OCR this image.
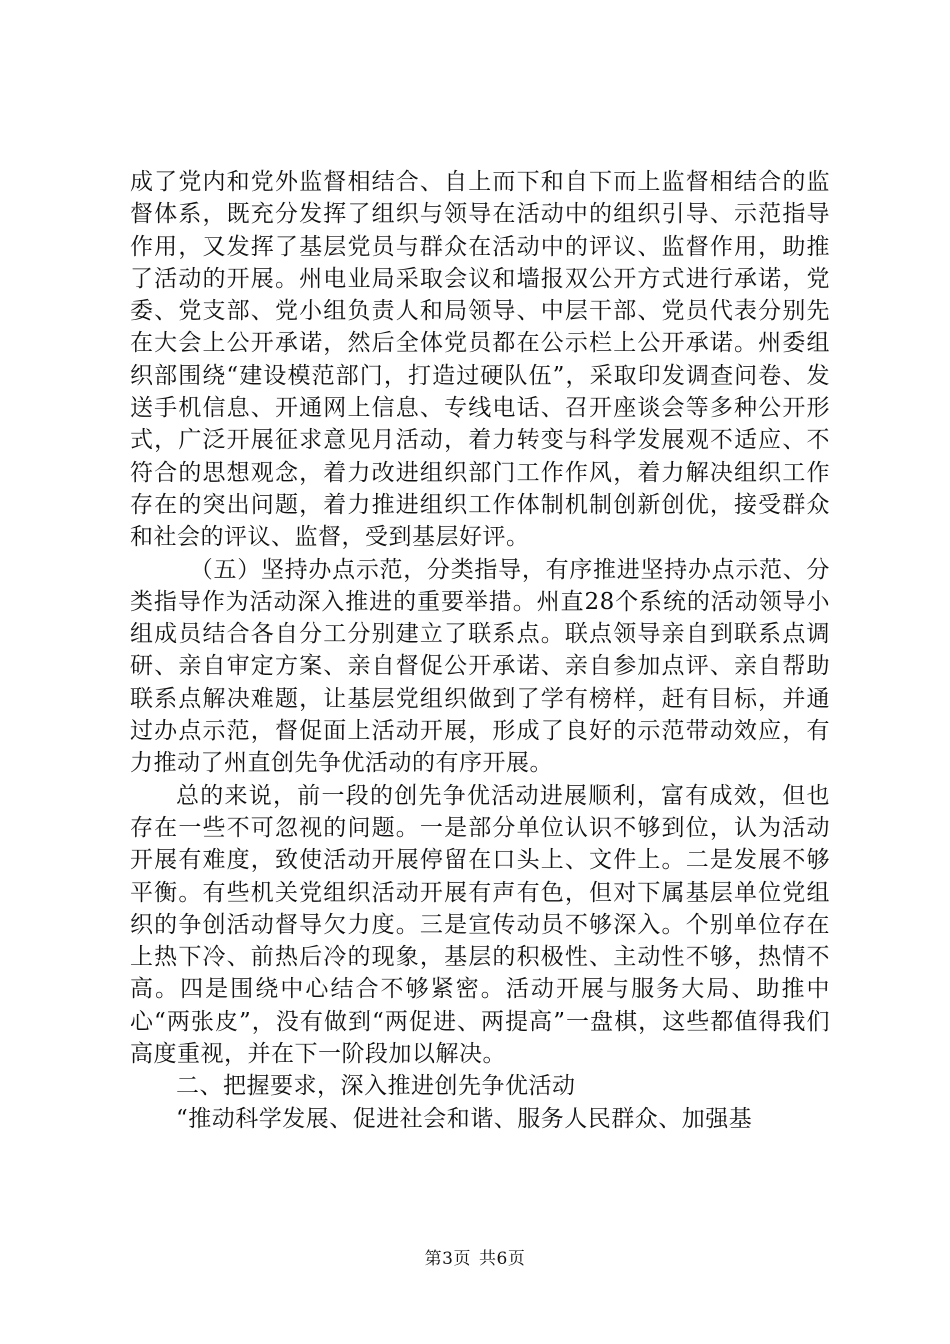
成了党内和党外监督相结合、自上而下和自下而上监督相结合的监督体系，既充分发挥了组织与领导在活动中的组织引导、示范指导作用，又发挥了基层党员与群众在活动中的评议、监督作用，助推了活动的开展。州电业局采取会议和墙报双公开方式进行承诺，党委、党支部、党小组负责人和局领导、中层干部、党员代表分别先在大会上公开承诺，然后全体党员都在公示栏上公开承诺。州委组织部围绕“建设模范部门，打造过硬队伍”，采取印发调查问卷、发送手机信息、开通网上信息、专线电话、召开座谈会等多种公开形式，广泛开展征求意见月活动，着力转变与科学发展观不适应、不符合的思想观念，着力改进组织部门工作作风，着力解决组织工作存在的突出问题，着力推进组织工作体制机制创新创优，接受群众和社会的评议、监督，受到基层好评。

（五）坚持办点示范，分类指导，有序推进坚持办点示范、分类指导作为活动深入推进的重要举措。州直28个系统的活动领导小组成员结合各自分工分别建立了联系点。联点领导亲自到联系点调研、亲自审定方案、亲自督促公开承诺、亲自参加点评、亲自帮助联系点解决难题，让基层党组织做到了学有榜样，赶有目标，并通过办点示范，督促面上活动开展，形成了良好的示范带动效应，有力推动了州直创先争优活动的有序开展。

总的来说，前一段的创先争优活动进展顺利，富有成效，但也存在一些不可忽视的问题。一是部分单位认识不够到位，认为活动开展有难度，致使活动开展停留在口头上、文件上。二是发展不够平衡。有些机关党组织活动开展有声有色，但对下属基层单位党组织的争创活动督导欠力度。三是宣传动员不够深入。个别单位存在上热下冷、前热后冷的现象，基层的积极性、主动性不够，热情不高。四是围绕中心结合不够紧密。活动开展与服务大局、助推中心“两张皮”，没有做到“两促进、两提高”一盘棋，这些都值得我们高度重视，并在下一阶段加以解决。

二、把握要求，深入推进创先争优活动

“推动科学发展、促进社会和谐、服务人民群众、加强基

第3页 共6页
